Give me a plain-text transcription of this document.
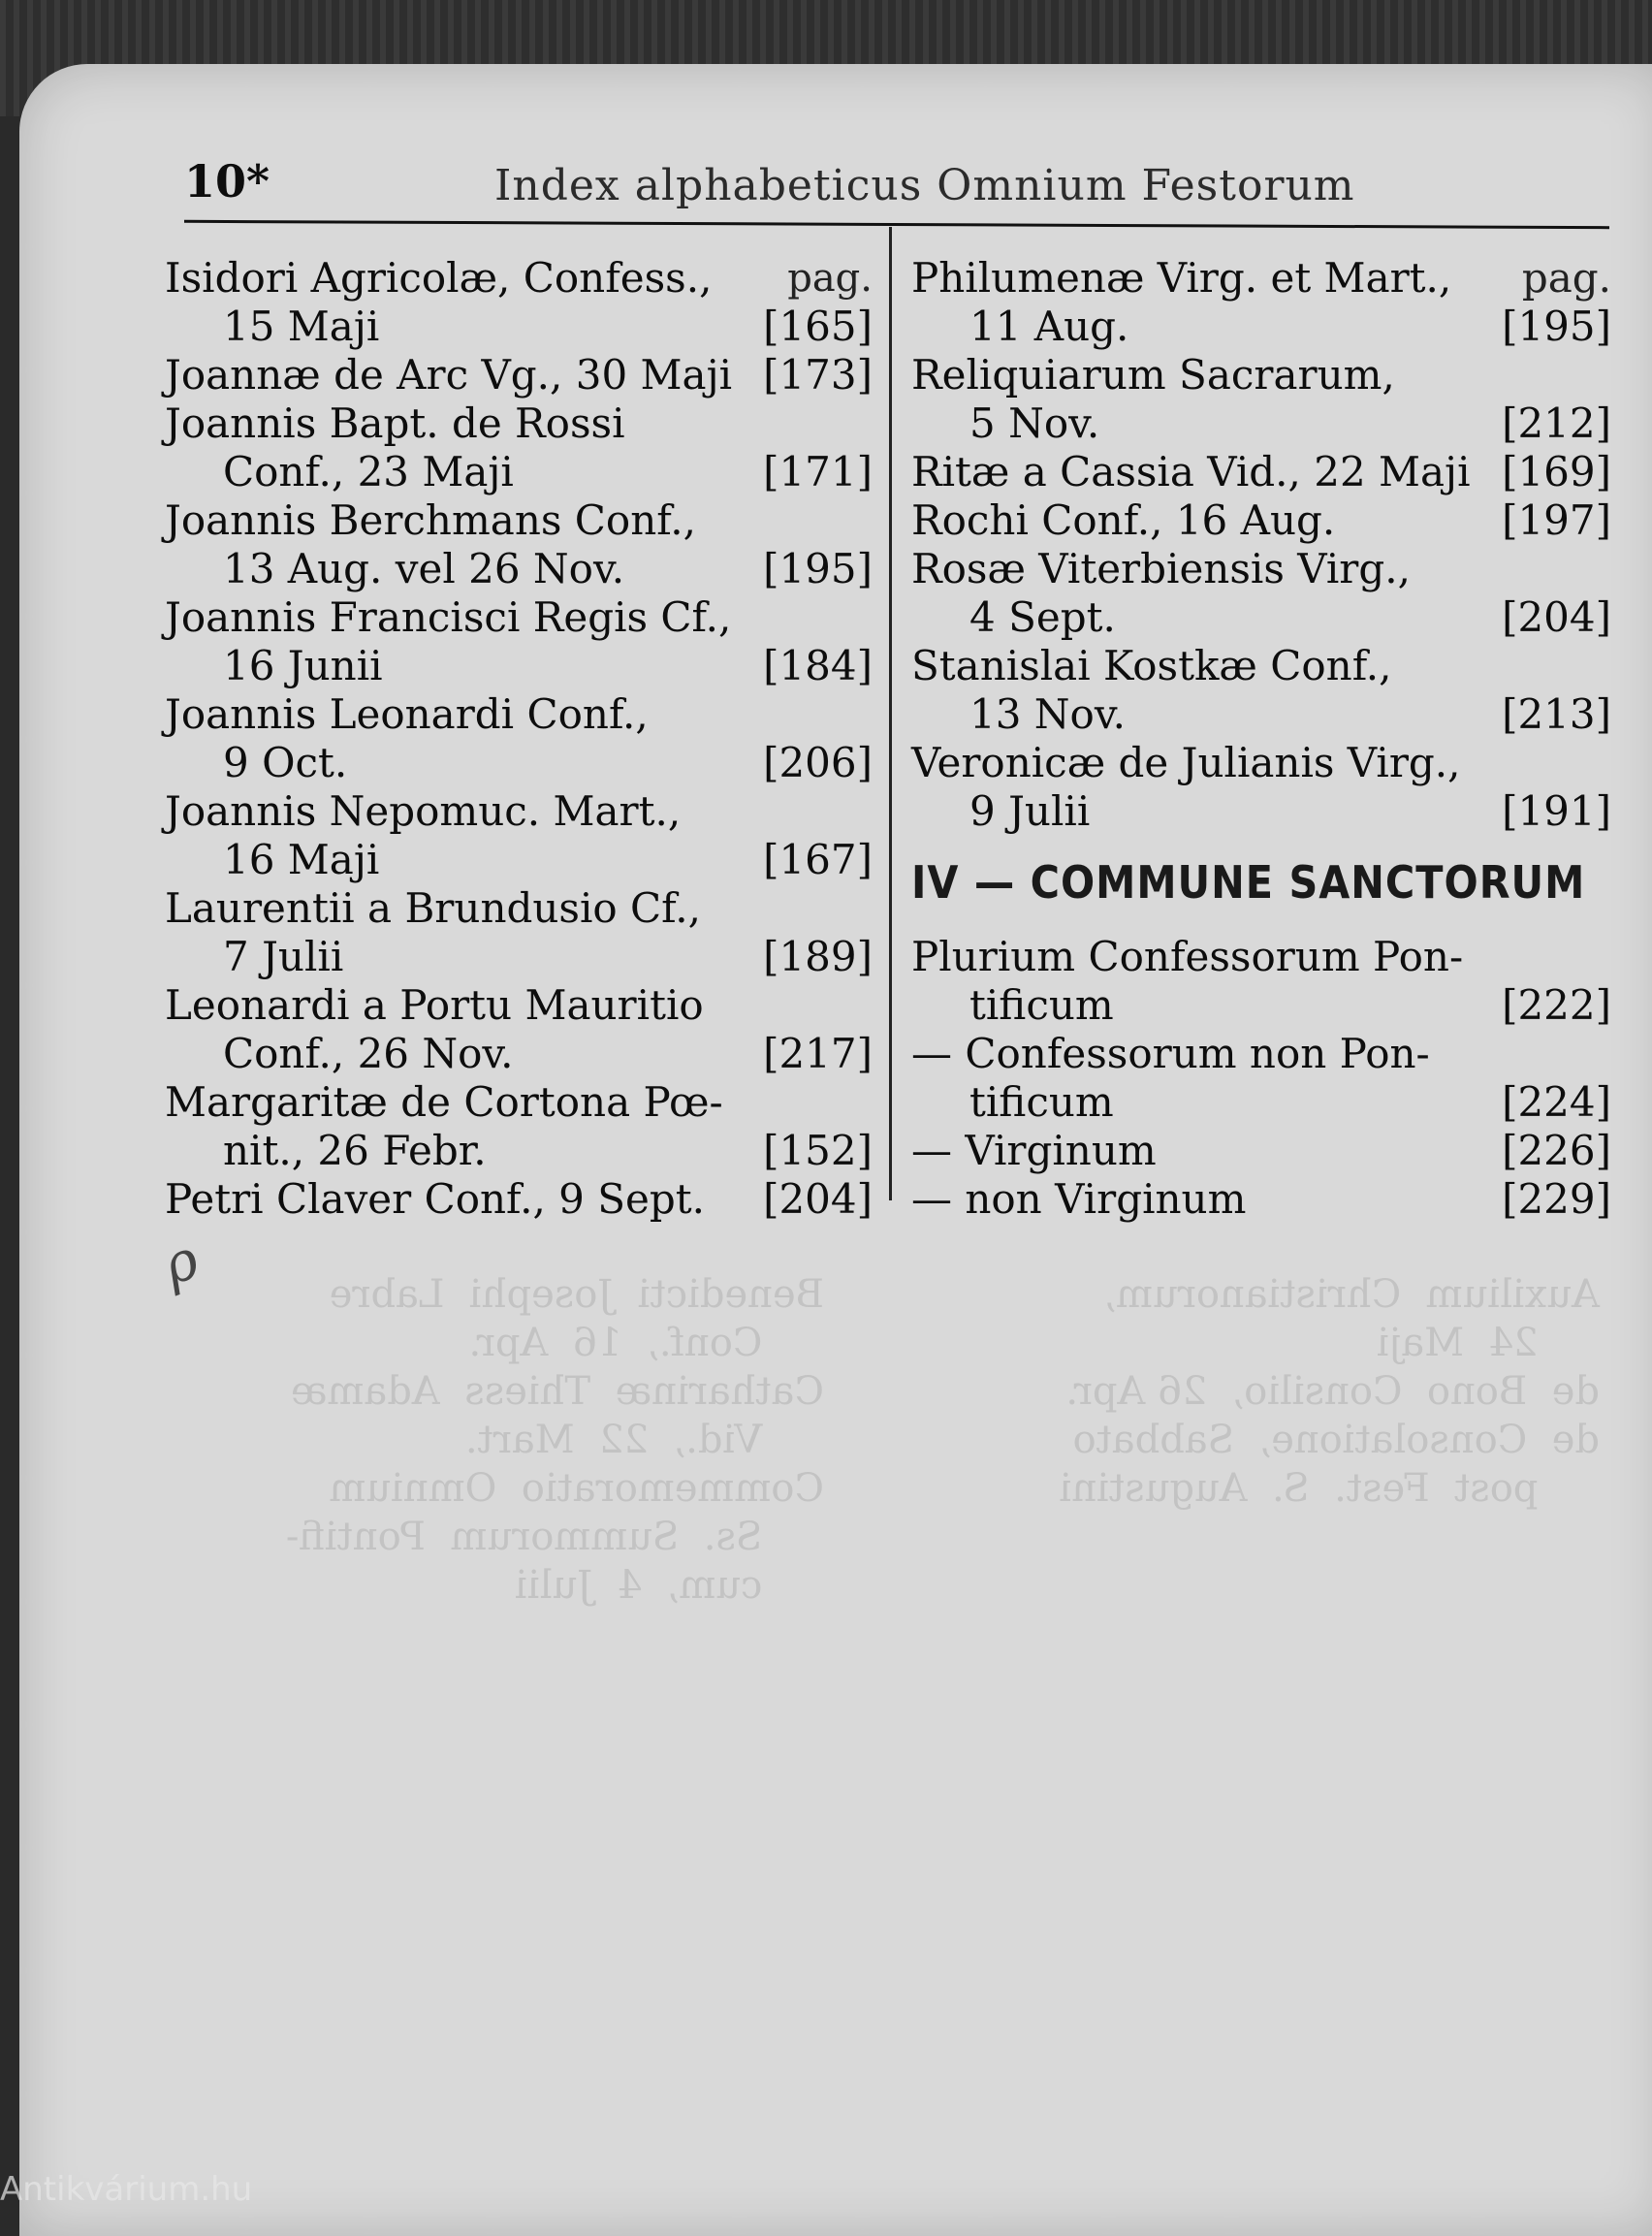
Benedicti  Josephi  Labre
Conf.,  16  Apr.
Catharinæ  Thiess  Adamæ
Vid.,  22  Mart.
Commemoratio  Omnium
Ss.  Summorum  Pontifi-
cum,  4  Julii
Auxilium  Christianorum,
24  Maji
de  Bono  Consilio,  26 Apr.
de  Consolatione,  Sabbato
post  Fest.  S.  Augustini
10*	Index alphabeticus Omnium Festorum
pag.
Isidori Agricolæ, Confess.,
15 Maji	[165]
Joannæ de Arc Vg., 30 Maji [173]
Joannis Bapt. de Rossi
Conf., 23 Maji	[171]
Joannis Berchmans Conf.,
13 Aug. vel 26 Nov.	[195]
Joannis Francisci Regis Cf.,
16 Junii	[184]
Joannis Leonardi Conf.,
9 Oct.	[206]
Joannis Nepomuc. Mart.,
16 Maji	[167]
Laurentii a Brundusio Cf.,
7 Julii	[189]
Leonardi a Portu Mauritio
Conf., 26 Nov.	[217]
Margaritæ de Cortona Pœ-
nit., 26 Febr.	[152]
Petri Claver Conf., 9 Sept. [204]
Philumenæ Virg. et Mart., pag.
11 Aug.	[195]
Reliquiarum Sacrarum,
5 Nov.	[212]
Ritæ a Cassia Vid., 22 Maji [169]
Rochi Conf., 16 Aug.	[197]
Rosæ Viterbiensis Virg.,
4 Sept.	[204]
Stanislai Kostkæ Conf.,
13 Nov.	[213]
Veronicæ de Julianis Virg.,
9 Julii	[191]
IV — COMMUNE SANCTORUM
Plurium Confessorum Pon-
tificum	[222]
— Confessorum non Pon-
tificum	[224]
— Virginum	[226]
— non Virginum	[229]
ρ
Antikvárium.hu
